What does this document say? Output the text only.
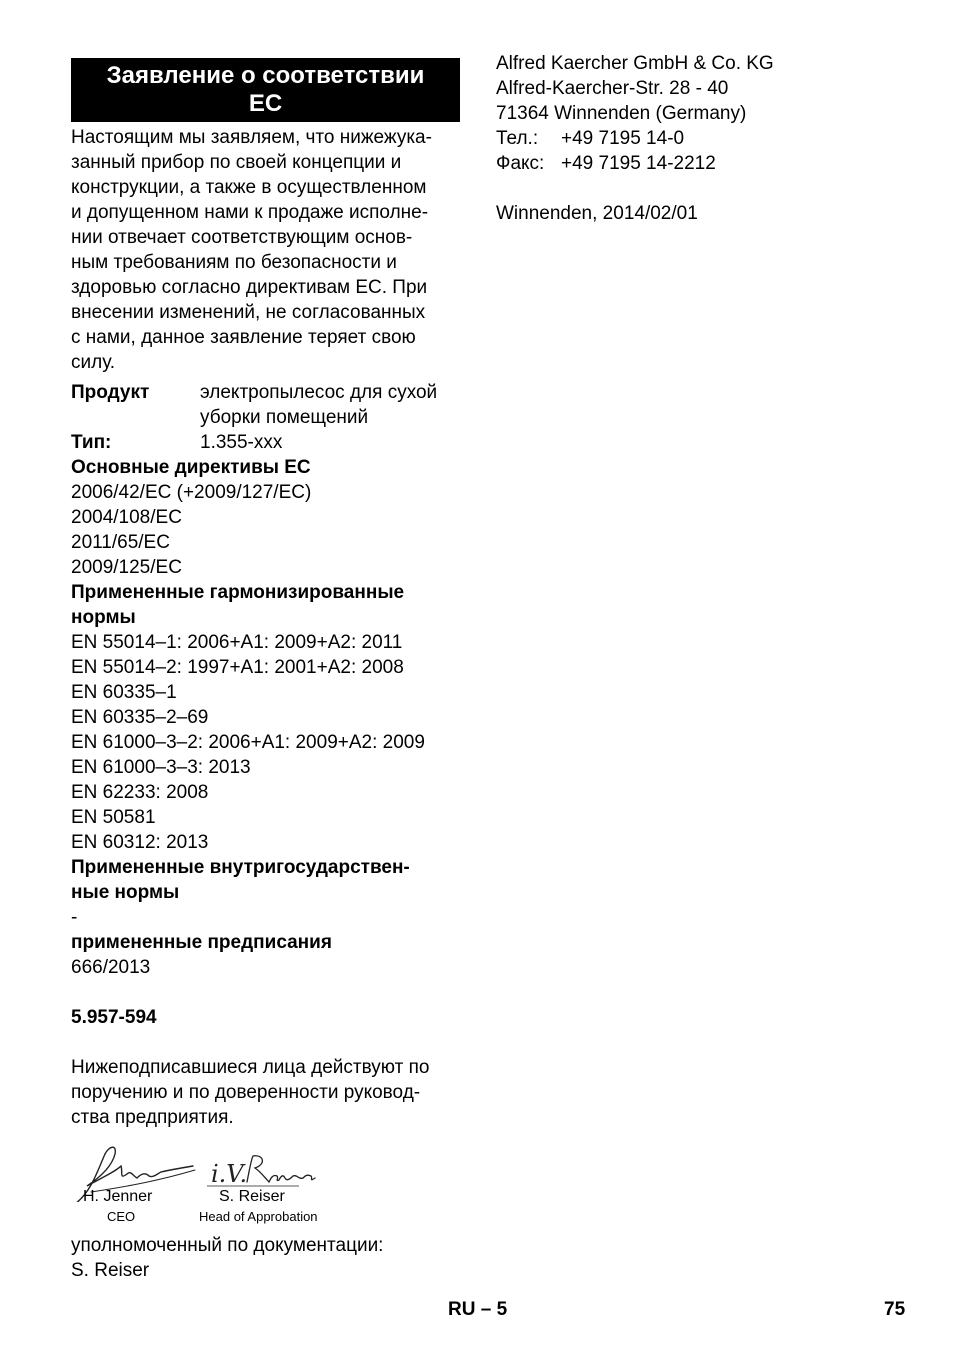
Заявление о соответствии
ЕС
Настоящим мы заявляем, что нижежука-
занный прибор по своей концепции и
конструкции, а также в осуществленном
и допущенном нами к продаже исполне-
нии отвечает соответствующим основ-
ным требованиям по безопасности и
здоровью согласно директивам ЕС. При
внесении изменений, не согласованных
с нами, данное заявление теряет свою
силу.
Продукт	электропылесос для сухой
уборки помещений
Тип:	1.355-xxx
Основные директивы ЕС
2006/42/EC (+2009/127/EC)
2004/108/EC
2011/65/EC
2009/125/EC
Примененные гармонизированные
нормы
EN 55014–1: 2006+A1: 2009+A2: 2011
EN 55014–2: 1997+A1: 2001+A2: 2008
EN 60335–1
EN 60335–2–69
EN 61000–3–2: 2006+A1: 2009+A2: 2009
EN 61000–3–3: 2013
EN 62233: 2008
EN 50581
EN 60312: 2013
Примененные внутригосударствен-
ные нормы
-
примененные предписания
666/2013
5.957-594
Нижеподписавшиеся лица действуют по
поручению и по доверенности руковод-
ства предприятия.
i.V.
H. Jenner
CEO
S. Reiser
Head of Approbation
уполномоченный по документации:
S. Reiser
Alfred Kaercher GmbH & Co. KG
Alfred-Kaercher-Str. 28 - 40
71364 Winnenden (Germany)
Тел.:	+49 7195 14-0
Факс: +49 7195 14-2212
Winnenden, 2014/02/01
RU – 5	75
